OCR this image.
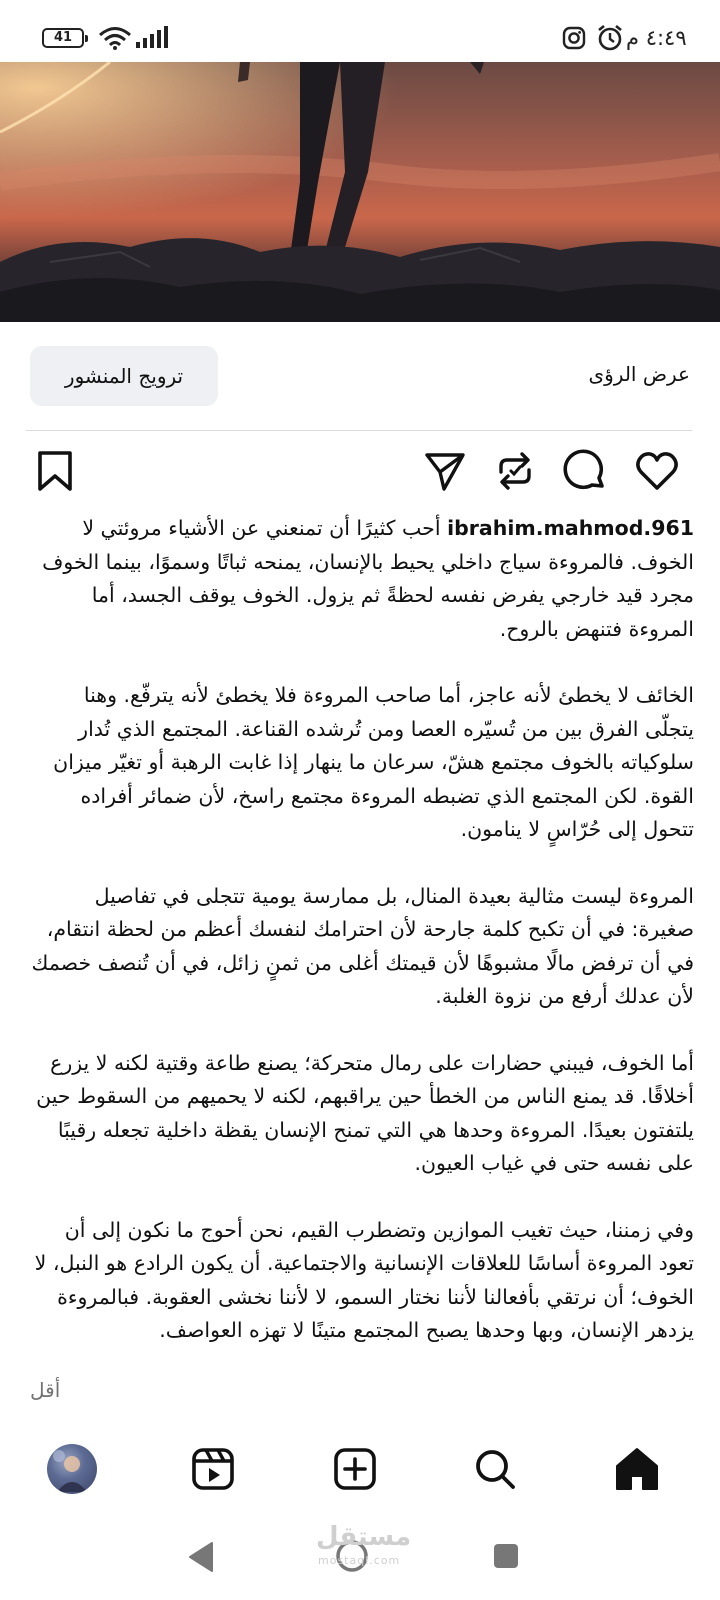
41	٤:٤٩ م
ترويج المنشور	عرض الرؤى

ibrahim.mahmod.961 أحب كثيرًا أن تمنعني عن الأشياء مروئتي لا الخوف. فالمروءة سياج داخلي يحيط بالإنسان، يمنحه ثباتًا وسموًا، بينما الخوف مجرد قيد خارجي يفرض نفسه لحظةً ثم يزول. الخوف يوقف الجسد، أما المروءة فتنهض بالروح.

الخائف لا يخطئ لأنه عاجز، أما صاحب المروءة فلا يخطئ لأنه يترفّع. وهنا يتجلّى الفرق بين من تُسيّره العصا ومن تُرشده القناعة. المجتمع الذي تُدار سلوكياته بالخوف مجتمع هشّ، سرعان ما ينهار إذا غابت الرهبة أو تغيّر ميزان القوة. لكن المجتمع الذي تضبطه المروءة مجتمع راسخ، لأن ضمائر أفراده تتحول إلى حُرّاسٍ لا ينامون.

المروءة ليست مثالية بعيدة المنال، بل ممارسة يومية تتجلى في تفاصيل صغيرة: في أن تكبح كلمة جارحة لأن احترامك لنفسك أعظم من لحظة انتقام، في أن ترفض مالًا مشبوهًا لأن قيمتك أغلى من ثمنٍ زائل، في أن تُنصف خصمك لأن عدلك أرفع من نزوة الغلبة.

أما الخوف، فيبني حضارات على رمال متحركة؛ يصنع طاعة وقتية لكنه لا يزرع أخلاقًا. قد يمنع الناس من الخطأ حين يراقبهم، لكنه لا يحميهم من السقوط حين يلتفتون بعيدًا. المروءة وحدها هي التي تمنح الإنسان يقظة داخلية تجعله رقيبًا على نفسه حتى في غياب العيون.

وفي زمننا، حيث تغيب الموازين وتضطرب القيم، نحن أحوج ما نكون إلى أن تعود المروءة أساسًا للعلاقات الإنسانية والاجتماعية. أن يكون الرادع هو النبل، لا الخوف؛ أن نرتقي بأفعالنا لأننا نختار السمو، لا لأننا نخشى العقوبة. فبالمروءة يزدهر الإنسان، وبها وحدها يصبح المجتمع متينًا لا تهزه العواصف.

أقل
مستقل
mostaql.com
